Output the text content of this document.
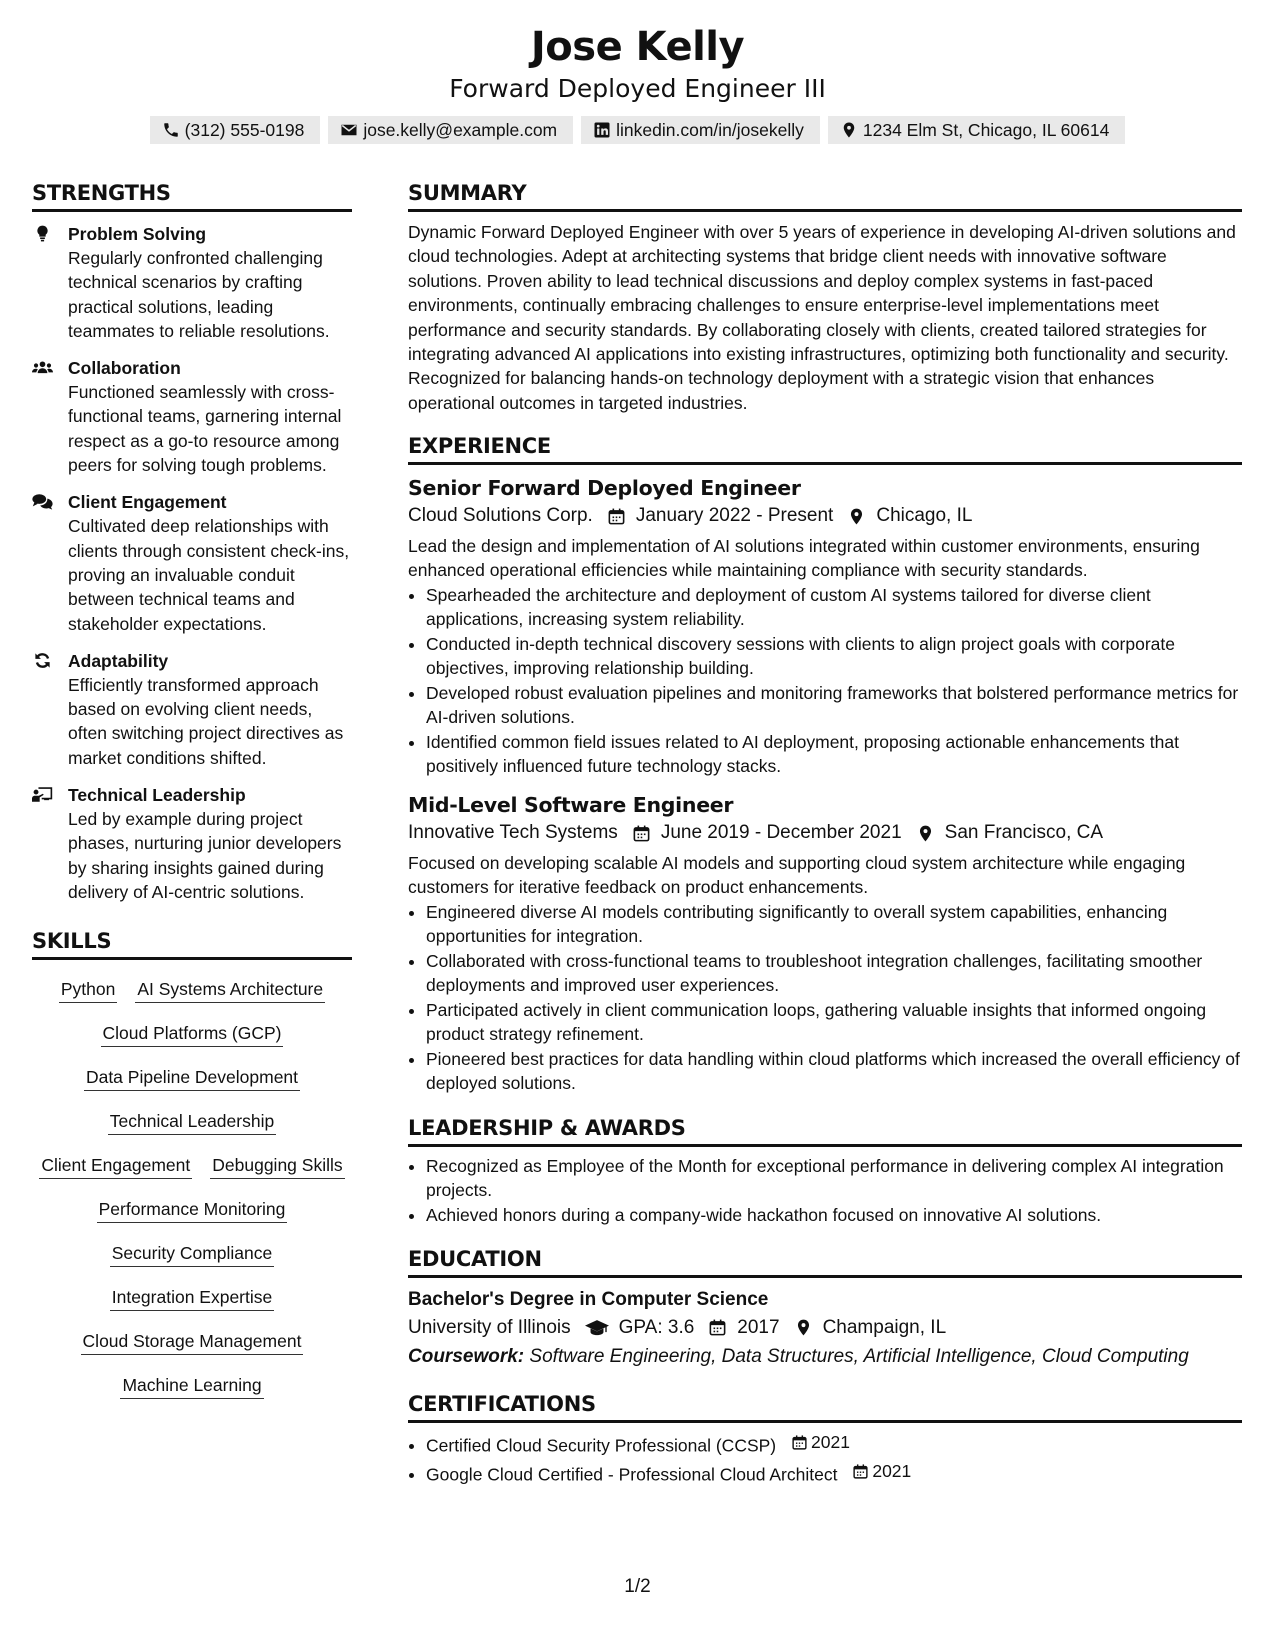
Jose Kelly
Forward Deployed Engineer III
(312) 555-0198	jose.kelly@example.com	linkedin.com/in/josekelly	1234 Elm St, Chicago, IL 60614
STRENGTHS
Problem Solving
Regularly confronted challenging technical scenarios by crafting practical solutions, leading teammates to reliable resolutions.
Collaboration
Functioned seamlessly with cross-functional teams, garnering internal respect as a go-to resource among peers for solving tough problems.
Client Engagement
Cultivated deep relationships with clients through consistent check-ins, proving an invaluable conduit between technical teams and stakeholder expectations.
Adaptability
Efficiently transformed approach based on evolving client needs, often switching project directives as market conditions shifted.
Technical Leadership
Led by example during project phases, nurturing junior developers by sharing insights gained during delivery of AI-centric solutions.
SKILLS
Python AI Systems Architecture
Cloud Platforms (GCP)
Data Pipeline Development
Technical Leadership
Client Engagement Debugging Skills
Performance Monitoring
Security Compliance
Integration Expertise
Cloud Storage Management
Machine Learning
SUMMARY
Dynamic Forward Deployed Engineer with over 5 years of experience in developing AI-driven solutions and cloud technologies. Adept at architecting systems that bridge client needs with innovative software solutions. Proven ability to lead technical discussions and deploy complex systems in fast-paced environments, continually embracing challenges to ensure enterprise-level implementations meet performance and security standards. By collaborating closely with clients, created tailored strategies for integrating advanced AI applications into existing infrastructures, optimizing both functionality and security. Recognized for balancing hands-on technology deployment with a strategic vision that enhances operational outcomes in targeted industries.
EXPERIENCE
Senior Forward Deployed Engineer
Cloud Solutions Corp. January 2022 - Present Chicago, IL
Lead the design and implementation of AI solutions integrated within customer environments, ensuring enhanced operational efficiencies while maintaining compliance with security standards.
• Spearheaded the architecture and deployment of custom AI systems tailored for diverse client applications, increasing system reliability.
• Conducted in-depth technical discovery sessions with clients to align project goals with corporate objectives, improving relationship building.
• Developed robust evaluation pipelines and monitoring frameworks that bolstered performance metrics for AI-driven solutions.
• Identified common field issues related to AI deployment, proposing actionable enhancements that positively influenced future technology stacks.
Mid-Level Software Engineer
Innovative Tech Systems June 2019 - December 2021 San Francisco, CA
Focused on developing scalable AI models and supporting cloud system architecture while engaging customers for iterative feedback on product enhancements.
• Engineered diverse AI models contributing significantly to overall system capabilities, enhancing opportunities for integration.
• Collaborated with cross-functional teams to troubleshoot integration challenges, facilitating smoother deployments and improved user experiences.
• Participated actively in client communication loops, gathering valuable insights that informed ongoing product strategy refinement.
• Pioneered best practices for data handling within cloud platforms which increased the overall efficiency of deployed solutions.
LEADERSHIP & AWARDS
• Recognized as Employee of the Month for exceptional performance in delivering complex AI integration projects.
• Achieved honors during a company-wide hackathon focused on innovative AI solutions.
EDUCATION
Bachelor's Degree in Computer Science
University of Illinois	GPA: 3.6 2017 Champaign, IL
Coursework: Software Engineering, Data Structures, Artificial Intelligence, Cloud Computing
CERTIFICATIONS
• Certified Cloud Security Professional (CCSP) 2021
• Google Cloud Certified - Professional Cloud Architect 2021
1/2
